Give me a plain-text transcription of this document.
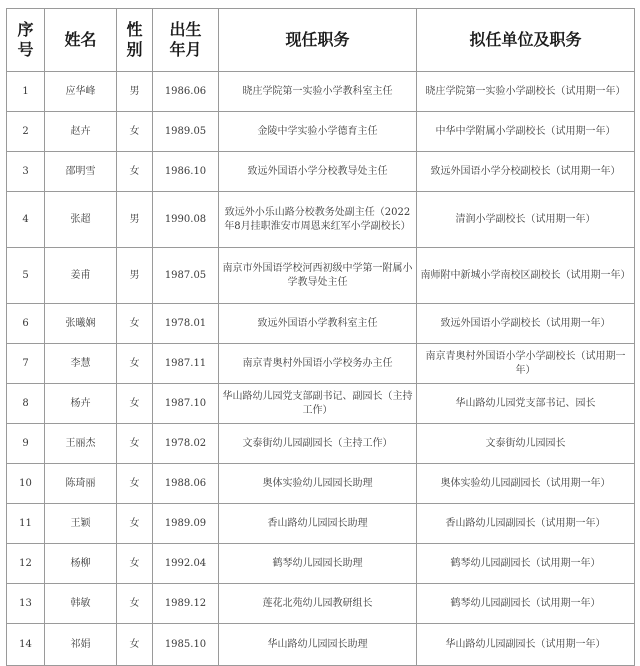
序号	姓名	性别	出生年月	现任职务	拟任单位及职务
1	应华峰	男	1986.06	晓庄学院第一实验小学教科室主任	晓庄学院第一实验小学副校长（试用期一年）
2	赵卉	女	1989.05	金陵中学实验小学德育主任	中华中学附属小学副校长（试用期一年）
3	邵明雪	女	1986.10	致远外国语小学分校教导处主任	致远外国语小学分校副校长（试用期一年）
4	张超	男	1990.08	致远外小乐山路分校教务处副主任（2022年8月挂职淮安市周恩来红军小学副校长）	清润小学副校长（试用期一年）
5	姜甫	男	1987.05	南京市外国语学校河西初级中学第一附属小学教导处主任	南师附中新城小学南校区副校长（试用期一年）
6	张曦娴	女	1978.01	致远外国语小学教科室主任	致远外国语小学副校长（试用期一年）
7	李慧	女	1987.11	南京青奥村外国语小学校务办主任	南京青奥村外国语小学小学副校长（试用期一年）
8	杨卉	女	1987.10	华山路幼儿园党支部副书记、副园长（主持工作）	华山路幼儿园党支部书记、园长
9	王丽杰	女	1978.02	文泰街幼儿园副园长（主持工作）	文泰街幼儿园园长
10	陈琦丽	女	1988.06	奥体实验幼儿园园长助理	奥体实验幼儿园副园长（试用期一年）
11	王颖	女	1989.09	香山路幼儿园园长助理	香山路幼儿园副园长（试用期一年）
12	杨柳	女	1992.04	鹤琴幼儿园园长助理	鹤琴幼儿园副园长（试用期一年）
13	韩敏	女	1989.12	莲花北苑幼儿园教研组长	鹤琴幼儿园副园长（试用期一年）
14	祁娟	女	1985.10	华山路幼儿园园长助理	华山路幼儿园副园长（试用期一年）
